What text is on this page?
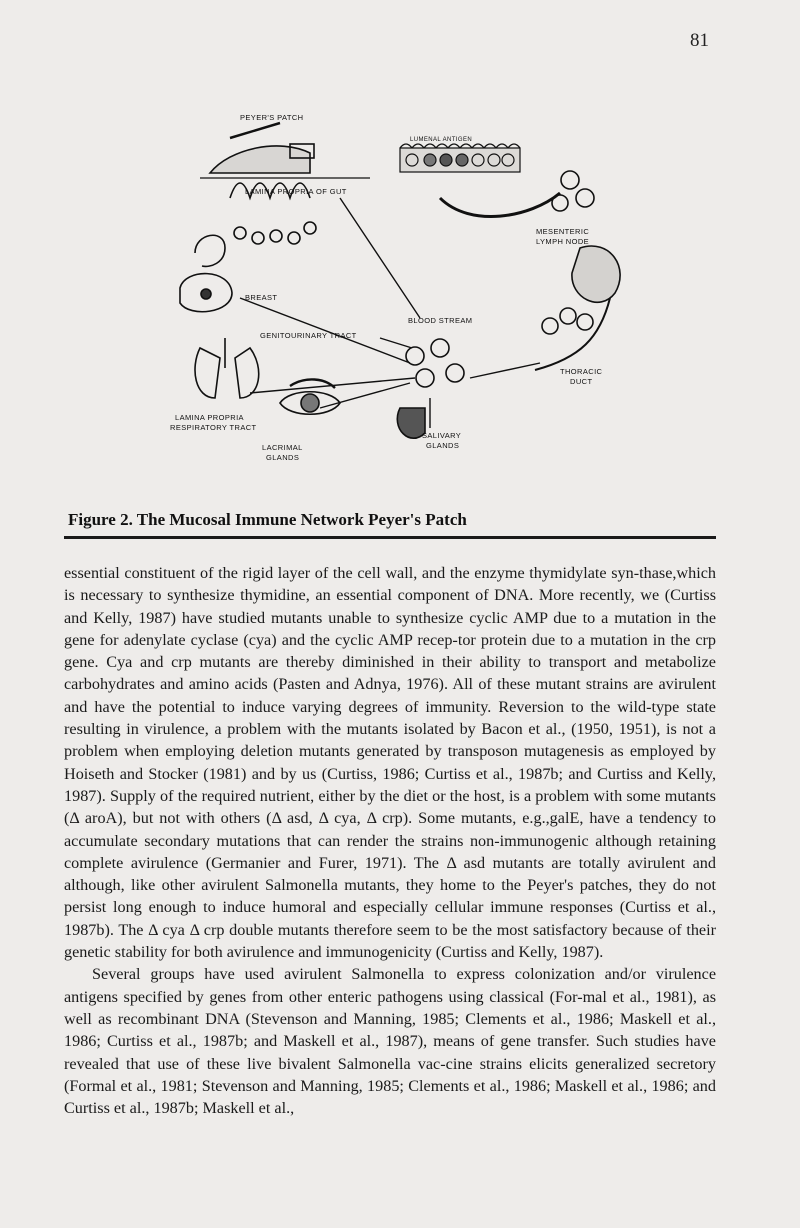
81
PEYER'S PATCH
LUMENAL ANTIGEN
LAMINA PROPRIA OF GUT
MESENTERIC
LYMPH NODE
BREAST
GENITOURINARY TRACT
BLOOD STREAM
THORACIC
DUCT
LAMINA PROPRIA
RESPIRATORY TRACT
LACRIMAL
GLANDS
SALIVARY
GLANDS
Figure 2. The Mucosal Immune Network Peyer's Patch

essential constituent of the rigid layer of the cell wall, and the enzyme thymidylate syn-thase,which is necessary to synthesize thymidine, an essential component of DNA. More recently, we (Curtiss and Kelly, 1987) have studied mutants unable to synthesize cyclic AMP due to a mutation in the gene for adenylate cyclase (cya) and the cyclic AMP recep-tor protein due to a mutation in the crp gene. Cya and crp mutants are thereby diminished in their ability to transport and metabolize carbohydrates and amino acids (Pasten and Adnya, 1976). All of these mutant strains are avirulent and have the potential to induce varying degrees of immunity. Reversion to the wild-type state resulting in virulence, a problem with the mutants isolated by Bacon et al., (1950, 1951), is not a problem when employing deletion mutants generated by transposon mutagenesis as employed by Hoiseth and Stocker (1981) and by us (Curtiss, 1986; Curtiss et al., 1987b; and Curtiss and Kelly, 1987). Supply of the required nutrient, either by the diet or the host, is a problem with some mutants (Δ aroA), but not with others (Δ asd, Δ cya, Δ crp). Some mutants, e.g.,galE, have a tendency to accumulate secondary mutations that can render the strains non-immunogenic although retaining complete avirulence (Germanier and Furer, 1971). The Δ asd mutants are totally avirulent and although, like other avirulent Salmonella mutants, they home to the Peyer's patches, they do not persist long enough to induce humoral and especially cellular immune responses (Curtiss et al., 1987b). The Δ cya Δ crp double mutants therefore seem to be the most satisfactory because of their genetic stability for both avirulence and immunogenicity (Curtiss and Kelly, 1987).

Several groups have used avirulent Salmonella to express colonization and/or virulence antigens specified by genes from other enteric pathogens using classical (For-mal et al., 1981), as well as recombinant DNA (Stevenson and Manning, 1985; Clements et al., 1986; Maskell et al., 1986; Curtiss et al., 1987b; and Maskell et al., 1987), means of gene transfer. Such studies have revealed that use of these live bivalent Salmonella vac-cine strains elicits generalized secretory (Formal et al., 1981; Stevenson and Manning, 1985; Clements et al., 1986; Maskell et al., 1986; and Curtiss et al., 1987b; Maskell et al.,
